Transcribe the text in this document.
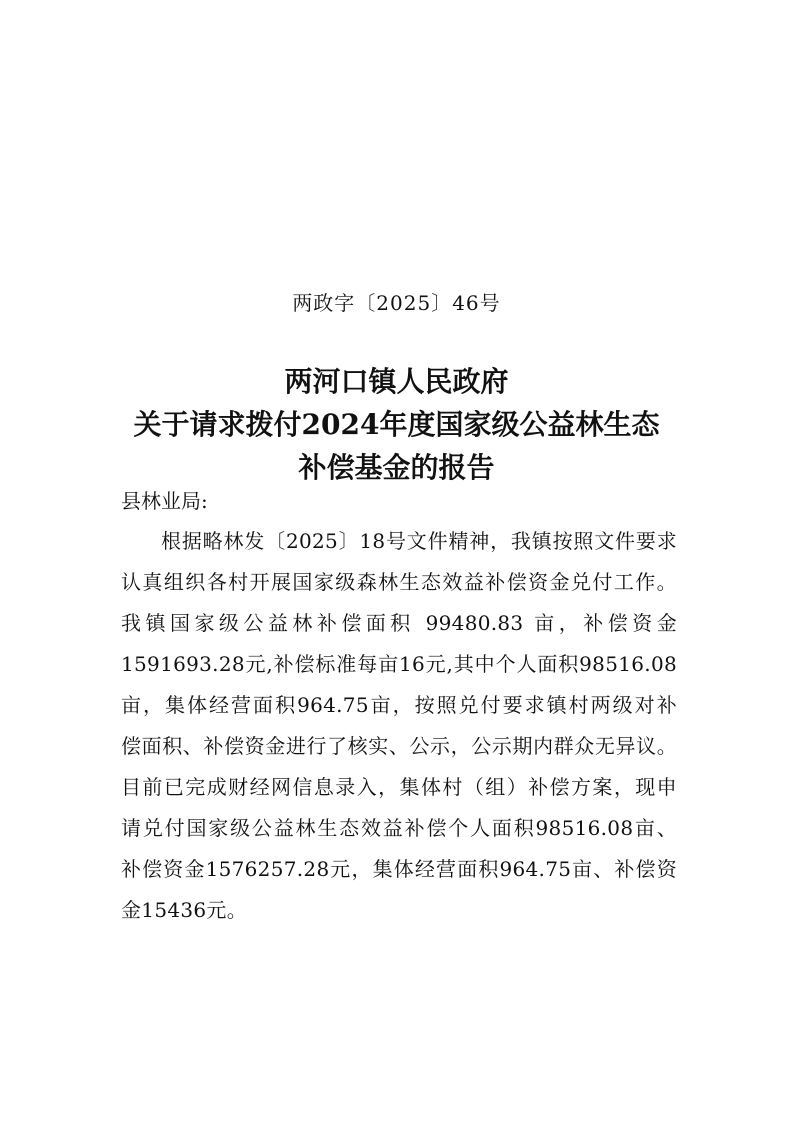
两政字〔2025〕46号
两河口镇人民政府
关于请求拨付2024年度国家级公益林生态
补偿基金的报告
县林业局:
根据略林发〔2025〕18号文件精神，我镇按照文件要求
认真组织各村开展国家级森林生态效益补偿资金兑付工作。
我镇国家级公益林补偿面积 99480.83 亩，补偿资金
1591693.28元,补偿标准每亩16元,其中个人面积98516.08
亩，集体经营面积964.75亩，按照兑付要求镇村两级对补
偿面积、补偿资金进行了核实、公示，公示期内群众无异议。
目前已完成财经网信息录入，集体村（组）补偿方案，现申
请兑付国家级公益林生态效益补偿个人面积98516.08亩、
补偿资金1576257.28元，集体经营面积964.75亩、补偿资
金15436元。
